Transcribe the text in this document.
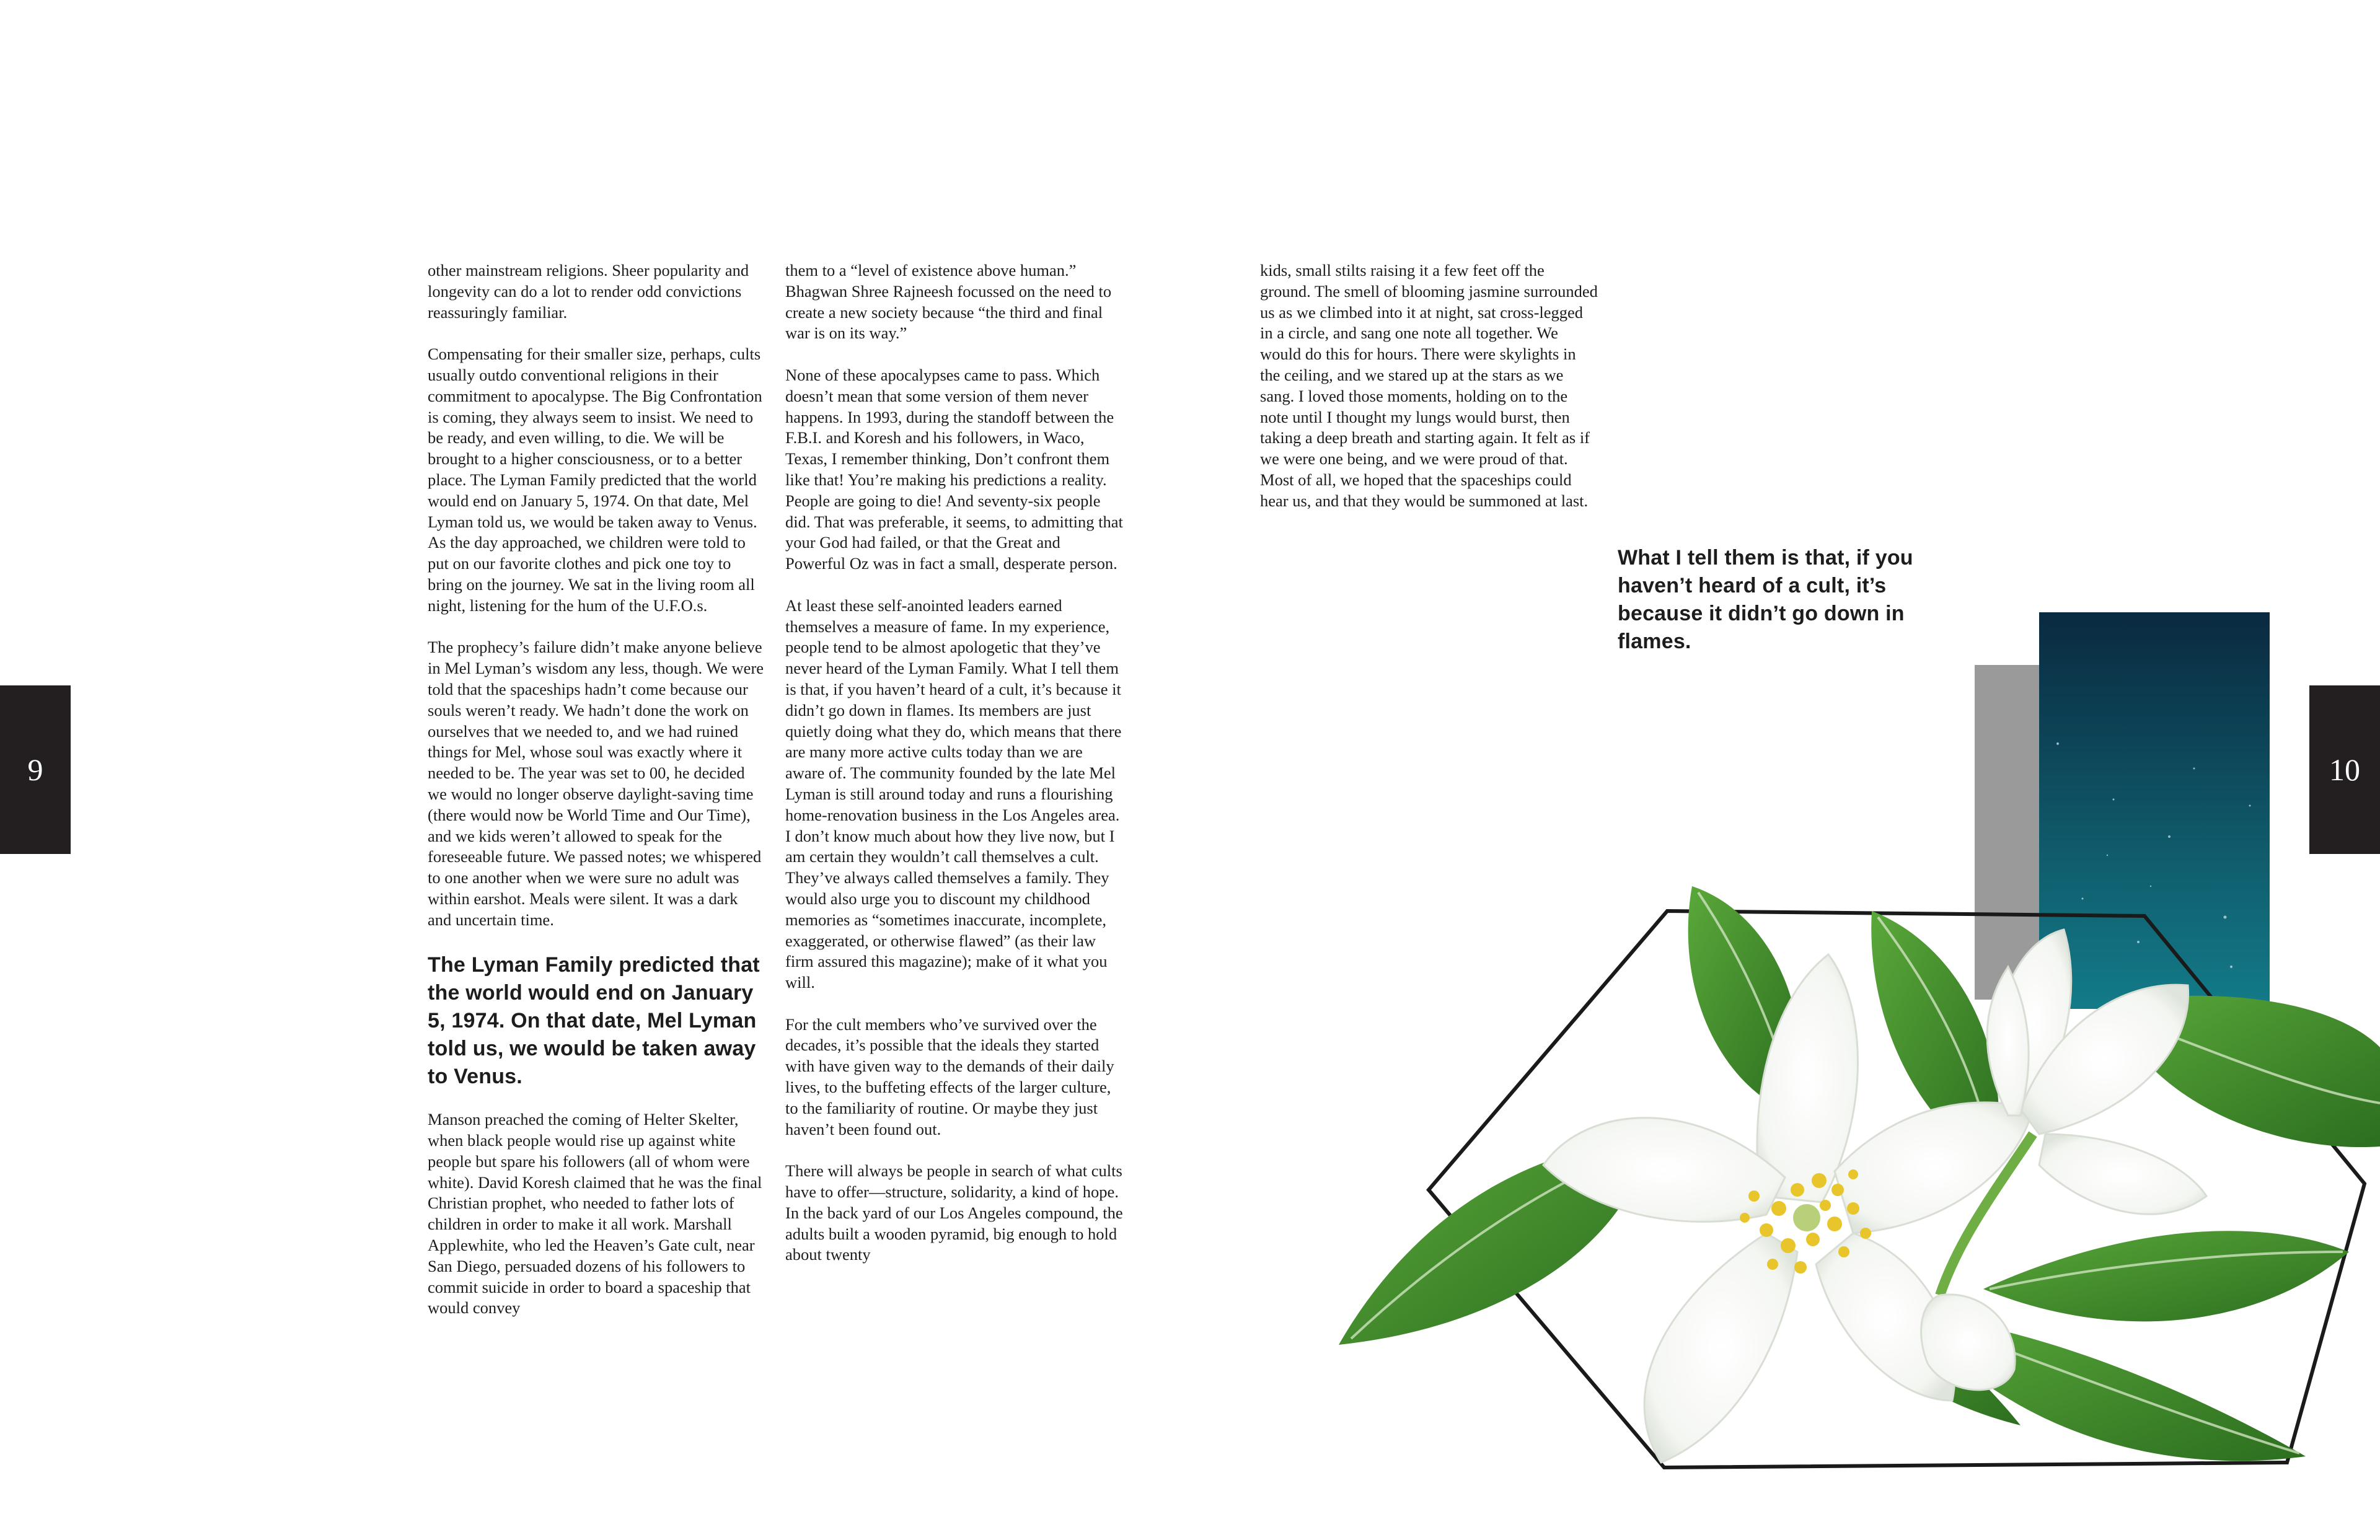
9	10

other mainstream religions. Sheer popularity and longevity can do a lot to render odd convictions reassuringly familiar.

Compensating for their smaller size, perhaps, cults usually outdo conventional religions in their commitment to apocalypse. The Big Confrontation is coming, they always seem to insist. We need to be ready, and even willing, to die. We will be brought to a higher consciousness, or to a better place. The Lyman Family predicted that the world would end on January 5, 1974. On that date, Mel Lyman told us, we would be taken away to Venus. As the day approached, we children were told to put on our favorite clothes and pick one toy to bring on the journey. We sat in the living room all night, listening for the hum of the U.F.O.s.

The prophecy’s failure didn’t make anyone believe in Mel Lyman’s wisdom any less, though. We were told that the spaceships hadn’t come because our souls weren’t ready. We hadn’t done the work on ourselves that we needed to, and we had ruined things for Mel, whose soul was exactly where it needed to be. The year was set to 00, he decided we would no longer observe daylight-saving time (there would now be World Time and Our Time), and we kids weren’t allowed to speak for the foreseeable future. We passed notes; we whispered to one another when we were sure no adult was within earshot. Meals were silent. It was a dark and uncertain time.

The Lyman Family predicted that the world would end on January 5, 1974. On that date, Mel Lyman told us, we would be taken away to Venus.

Manson preached the coming of Helter Skelter, when black people would rise up against white people but spare his followers (all of whom were white). David Koresh claimed that he was the final Christian prophet, who needed to father lots of children in order to make it all work. Marshall Applewhite, who led the Heaven’s Gate cult, near San Diego, persuaded dozens of his followers to commit suicide in order to board a spaceship that would convey

them to a “level of existence above human.” Bhagwan Shree Rajneesh focussed on the need to create a new society because “the third and final war is on its way.”

None of these apocalypses came to pass. Which doesn’t mean that some version of them never happens. In 1993, during the standoff between the F.B.I. and Koresh and his followers, in Waco, Texas, I remember thinking, Don’t confront them like that! You’re making his predictions a reality. People are going to die! And seventy-six people did. That was preferable, it seems, to admitting that your God had failed, or that the Great and Powerful Oz was in fact a small, desperate person.

At least these self-anointed leaders earned themselves a measure of fame. In my experience, people tend to be almost apologetic that they’ve never heard of the Lyman Family. What I tell them is that, if you haven’t heard of a cult, it’s because it didn’t go down in flames. Its members are just quietly doing what they do, which means that there are many more active cults today than we are aware of. The community founded by the late Mel Lyman is still around today and runs a flourishing home-renovation business in the Los Angeles area. I don’t know much about how they live now, but I am certain they wouldn’t call themselves a cult. They’ve always called themselves a family. They would also urge you to discount my childhood memories as “sometimes inaccurate, incomplete, exaggerated, or otherwise flawed” (as their law firm assured this magazine); make of it what you will.

For the cult members who’ve survived over the decades, it’s possible that the ideals they started with have given way to the demands of their daily lives, to the buffeting effects of the larger culture, to the familiarity of routine. Or maybe they just haven’t been found out.

There will always be people in search of what cults have to offer—structure, solidarity, a kind of hope. In the back yard of our Los Angeles compound, the adults built a wooden pyramid, big enough to hold about twenty

kids, small stilts raising it a few feet off the ground. The smell of blooming jasmine surrounded us as we climbed into it at night, sat cross-legged in a circle, and sang one note all together. We would do this for hours. There were skylights in the ceiling, and we stared up at the stars as we sang. I loved those moments, holding on to the note until I thought my lungs would burst, then taking a deep breath and starting again. It felt as if we were one being, and we were proud of that. Most of all, we hoped that the spaceships could hear us, and that they would be summoned at last.

What I tell them is that, if you haven’t heard of a cult, it’s because it didn’t go down in flames.
